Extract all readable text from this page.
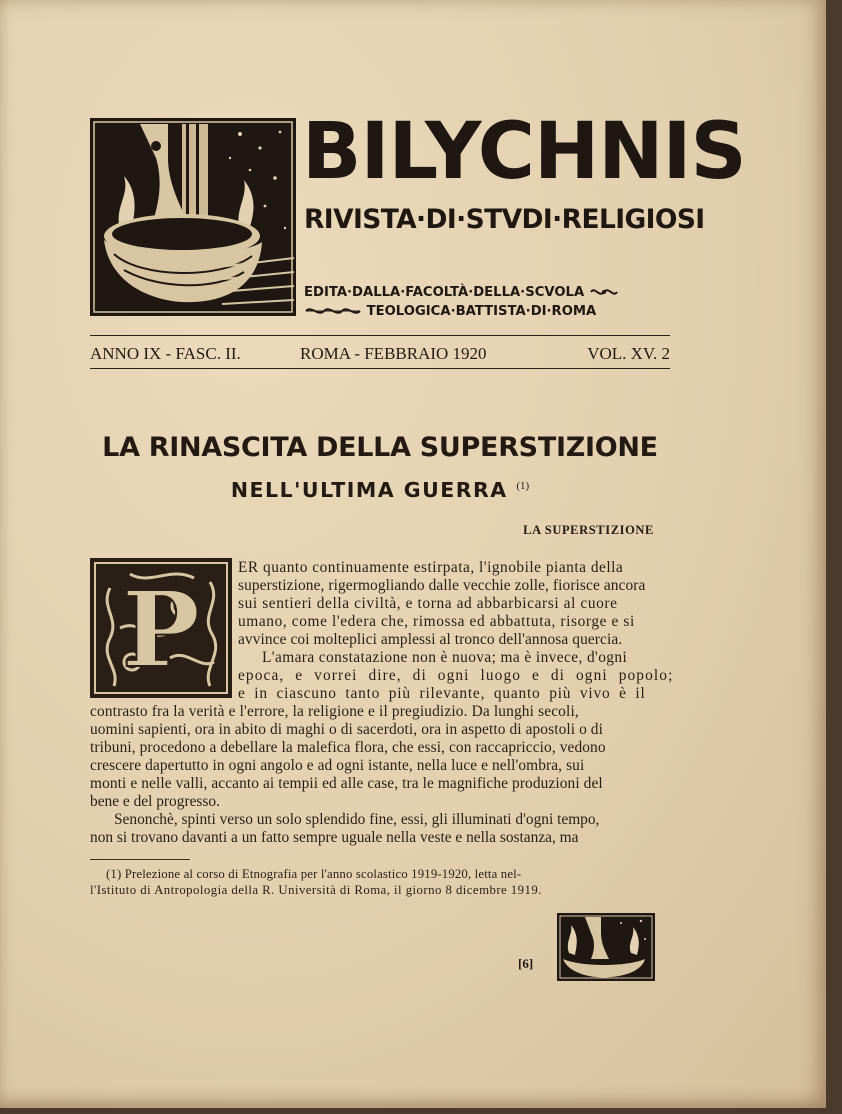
BILYCHNIS
RIVISTA·DI·STVDI·RELIGIOSI
EDITA·DALLA·FACOLTÀ·DELLA·SCVOLA
TEOLOGICA·BATTISTA·DI·ROMA
ANNO IX - FASC. II.	ROMA - FEBBRAIO 1920	VOL. XV. 2
LA RINASCITA DELLA SUPERSTIZIONE
NELL'ULTIMA GUERRA $^{(1)}$
LA SUPERSTIZIONE
P
ER quanto continuamente estirpata, l'ignobile pianta della
superstizione, rigermogliando dalle vecchie zolle, fiorisce ancora
sui sentieri della civiltà, e torna ad abbarbicarsi al cuore
umano, come l'edera che, rimossa ed abbattuta, risorge e si
avvince coi molteplici amplessi al tronco dell'annosa quercia.
L'amara constatazione non è nuova; ma è invece, d'ogni
epoca, e vorrei dire, di ogni luogo e di ogni popolo;
e in ciascuno tanto più rilevante, quanto più vivo è il
contrasto fra la verità e l'errore, la religione e il pregiudizio. Da lunghi secoli,
uomini sapienti, ora in abito di maghi o di sacerdoti, ora in aspetto di apostoli o di
tribuni, procedono a debellare la malefica flora, che essi, con raccapriccio, vedono
crescere dapertutto in ogni angolo e ad ogni istante, nella luce e nell'ombra, sui
monti e nelle valli, accanto ai tempii ed alle case, tra le magnifiche produzioni del
bene e del progresso.
Senonchè, spinti verso un solo splendido fine, essi, gli illuminati d'ogni tempo,
non si trovano davanti a un fatto sempre uguale nella veste e nella sostanza, ma
(1) Prelezione al corso di Etnografia per l'anno scolastico 1919-1920, letta nel-
l'Istituto di Antropologia della R. Università di Roma, il giorno 8 dicembre 1919.
[6]
